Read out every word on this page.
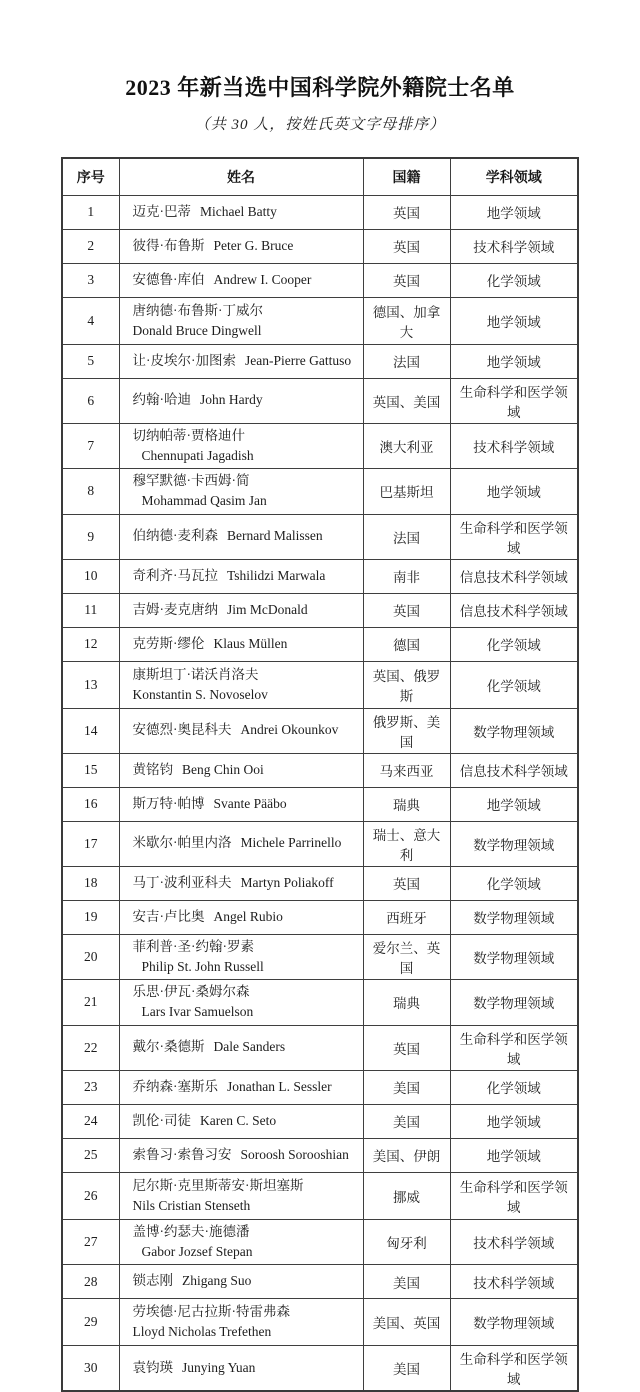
2023 年新当选中国科学院外籍院士名单
（共 30 人，按姓氏英文字母排序）
序号	姓名	国籍	学科领域
1	迈克·巴蒂 Michael Batty	英国	地学领域
2	彼得·布鲁斯 Peter G. Bruce	英国	技术科学领域
3	安德鲁·库伯 Andrew I. Cooper	英国	化学领域
4	唐纳德·布鲁斯·丁威尔
Donald Bruce Dingwell	德国、加拿大	地学领域
5	让·皮埃尔·加图索 Jean-Pierre Gattuso	法国	地学领域
6	约翰·哈迪 John Hardy	英国、美国	生命科学和医学领域
7	切纳帕蒂·贾格迪什Chennupati Jagadish	澳大利亚	技术科学领域
8	穆罕默德·卡西姆·简Mohammad Qasim Jan	巴基斯坦	地学领域
9	伯纳德·麦利森 Bernard Malissen	法国	生命科学和医学领域
10	奇利齐·马瓦拉 Tshilidzi Marwala	南非	信息技术科学领域
11	吉姆·麦克唐纳 Jim McDonald	英国	信息技术科学领域
12	克劳斯·缪伦 Klaus Müllen	德国	化学领域
13	康斯坦丁·诺沃肖洛夫
Konstantin S. Novoselov	英国、俄罗斯	化学领域
14	安德烈·奥昆科夫 Andrei Okounkov	俄罗斯、美国	数学物理领域
15	黄铭钧 Beng Chin Ooi	马来西亚	信息技术科学领域
16	斯万特·帕博 Svante Pääbo	瑞典	地学领域
17	米歇尔·帕里内洛 Michele Parrinello	瑞士、意大利	数学物理领域
18	马丁·波利亚科夫 Martyn Poliakoff	英国	化学领域
19	安吉·卢比奥 Angel Rubio	西班牙	数学物理领域
20	菲利普·圣·约翰·罗素Philip St. John Russell	爱尔兰、英国	数学物理领域
21	乐思·伊瓦·桑姆尔森Lars Ivar Samuelson	瑞典	数学物理领域
22	戴尔·桑德斯 Dale Sanders	英国	生命科学和医学领域
23	乔纳森·塞斯乐 Jonathan L. Sessler	美国	化学领域
24	凯伦·司徒 Karen C. Seto	美国	地学领域
25	索鲁习·索鲁习安 Soroosh Sorooshian	美国、伊朗	地学领域
26	尼尔斯·克里斯蒂安·斯坦塞斯
Nils Cristian Stenseth	挪威	生命科学和医学领域
27	盖博·约瑟夫·施德潘Gabor Jozsef Stepan	匈牙利	技术科学领域
28	锁志刚 Zhigang Suo	美国	技术科学领域
29	劳埃德·尼古拉斯·特雷弗森
Lloyd Nicholas Trefethen	美国、英国	数学物理领域
30	袁钧瑛 Junying Yuan	美国	生命科学和医学领域
